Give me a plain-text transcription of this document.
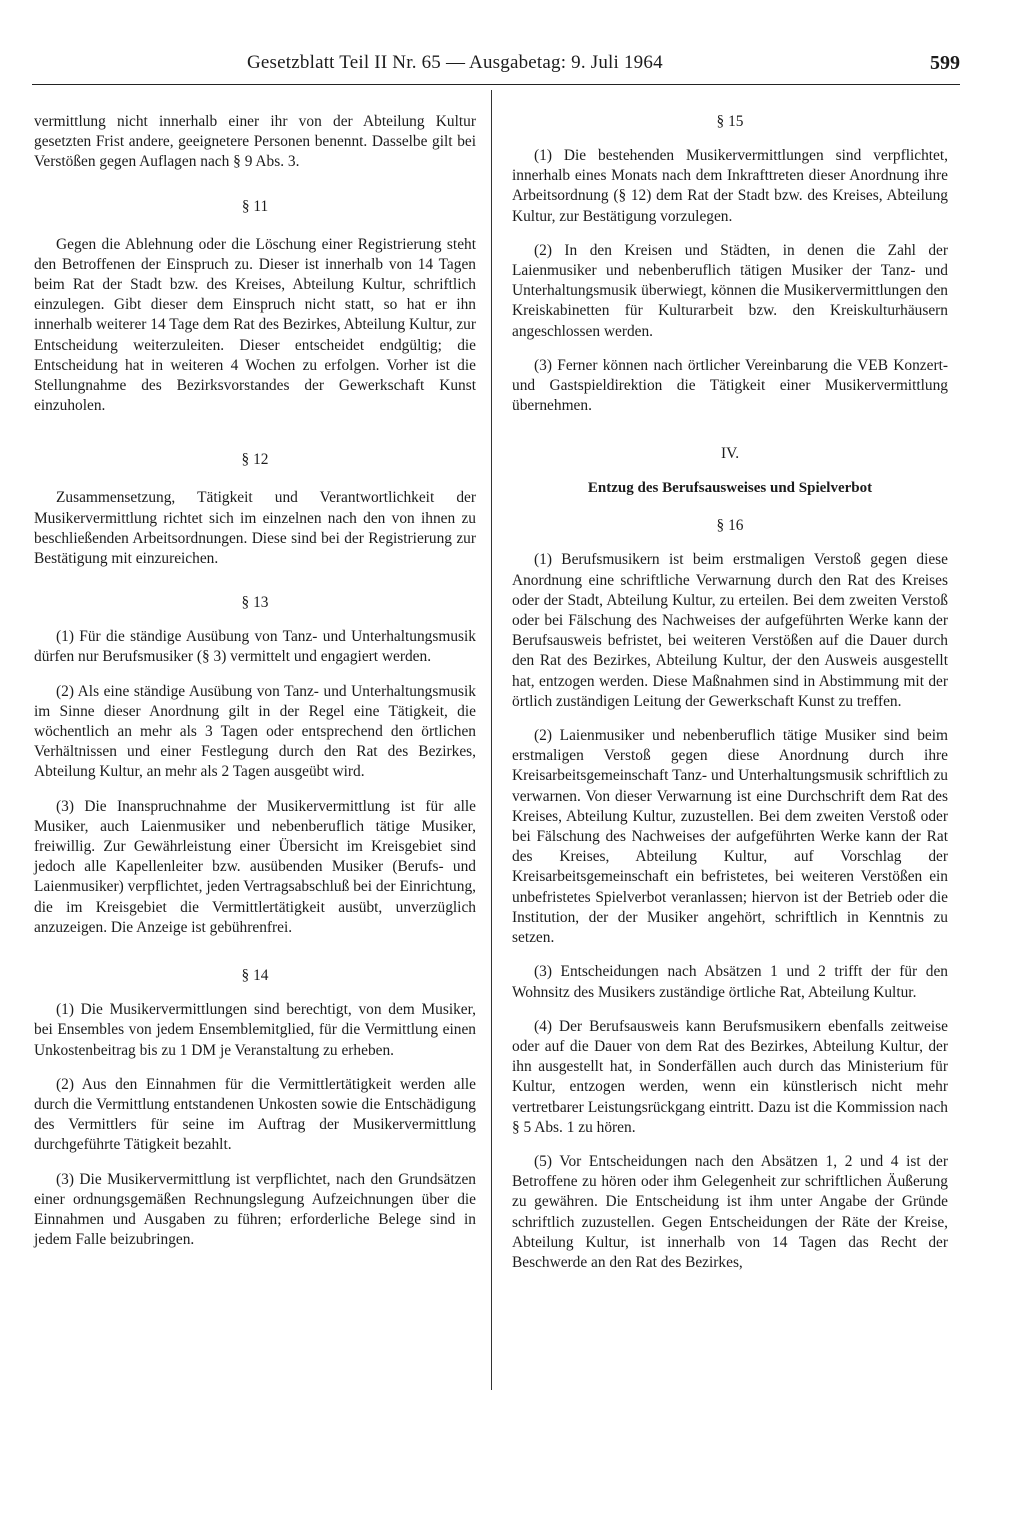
Gesetzblatt Teil II Nr. 65 — Ausgabetag: 9. Juli 1964	599

vermittlung nicht innerhalb einer ihr von der Abteilung Kultur gesetzten Frist andere, geeignetere Personen benennt. Dasselbe gilt bei Verstößen gegen Auflagen nach § 9 Abs. 3.

§ 11

Gegen die Ablehnung oder die Löschung einer Registrierung steht den Betroffenen der Einspruch zu. Dieser ist innerhalb von 14 Tagen beim Rat der Stadt bzw. des Kreises, Abteilung Kultur, schriftlich einzulegen. Gibt dieser dem Einspruch nicht statt, so hat er ihn innerhalb weiterer 14 Tage dem Rat des Bezirkes, Abteilung Kultur, zur Entscheidung weiterzuleiten. Dieser entscheidet endgültig; die Entscheidung hat in weiteren 4 Wochen zu erfolgen. Vorher ist die Stellungnahme des Bezirksvorstandes der Gewerkschaft Kunst einzuholen.

§ 12

Zusammensetzung, Tätigkeit und Verantwortlichkeit der Musikervermittlung richtet sich im einzelnen nach den von ihnen zu beschließenden Arbeitsordnungen. Diese sind bei der Registrierung zur Bestätigung mit einzureichen.

§ 13

(1) Für die ständige Ausübung von Tanz- und Unterhaltungsmusik dürfen nur Berufsmusiker (§ 3) vermittelt und engagiert werden.

(2) Als eine ständige Ausübung von Tanz- und Unterhaltungsmusik im Sinne dieser Anordnung gilt in der Regel eine Tätigkeit, die wöchentlich an mehr als 3 Tagen oder entsprechend den örtlichen Verhältnissen und einer Festlegung durch den Rat des Bezirkes, Abteilung Kultur, an mehr als 2 Tagen ausgeübt wird.

(3) Die Inanspruchnahme der Musikervermittlung ist für alle Musiker, auch Laienmusiker und nebenberuflich tätige Musiker, freiwillig. Zur Gewährleistung einer Übersicht im Kreisgebiet sind jedoch alle Kapellenleiter bzw. ausübenden Musiker (Berufs- und Laienmusiker) verpflichtet, jeden Vertragsabschluß bei der Einrichtung, die im Kreisgebiet die Vermittlertätigkeit ausübt, unverzüglich anzuzeigen. Die Anzeige ist gebührenfrei.

§ 14

(1) Die Musikervermittlungen sind berechtigt, von dem Musiker, bei Ensembles von jedem Ensemblemitglied, für die Vermittlung einen Unkostenbeitrag bis zu 1 DM je Veranstaltung zu erheben.

(2) Aus den Einnahmen für die Vermittlertätigkeit werden alle durch die Vermittlung entstandenen Unkosten sowie die Entschädigung des Vermittlers für seine im Auftrag der Musikervermittlung durchgeführte Tätigkeit bezahlt.

(3) Die Musikervermittlung ist verpflichtet, nach den Grundsätzen einer ordnungsgemäßen Rechnungslegung Aufzeichnungen über die Einnahmen und Ausgaben zu führen; erforderliche Belege sind in jedem Falle beizubringen.

§ 15

(1) Die bestehenden Musikervermittlungen sind verpflichtet, innerhalb eines Monats nach dem Inkrafttreten dieser Anordnung ihre Arbeitsordnung (§ 12) dem Rat der Stadt bzw. des Kreises, Abteilung Kultur, zur Bestätigung vorzulegen.

(2) In den Kreisen und Städten, in denen die Zahl der Laienmusiker und nebenberuflich tätigen Musiker der Tanz- und Unterhaltungsmusik überwiegt, können die Musikervermittlungen den Kreiskabinetten für Kulturarbeit bzw. den Kreiskulturhäusern angeschlossen werden.

(3) Ferner können nach örtlicher Vereinbarung die VEB Konzert- und Gastspieldirektion die Tätigkeit einer Musikervermittlung übernehmen.

IV.

Entzug des Berufsausweises und Spielverbot

§ 16

(1) Berufsmusikern ist beim erstmaligen Verstoß gegen diese Anordnung eine schriftliche Verwarnung durch den Rat des Kreises oder der Stadt, Abteilung Kultur, zu erteilen. Bei dem zweiten Verstoß oder bei Fälschung des Nachweises der aufgeführten Werke kann der Berufsausweis befristet, bei weiteren Verstößen auf die Dauer durch den Rat des Bezirkes, Abteilung Kultur, der den Ausweis ausgestellt hat, entzogen werden. Diese Maßnahmen sind in Abstimmung mit der örtlich zuständigen Leitung der Gewerkschaft Kunst zu treffen.

(2) Laienmusiker und nebenberuflich tätige Musiker sind beim erstmaligen Verstoß gegen diese Anordnung durch ihre Kreisarbeitsgemeinschaft Tanz- und Unterhaltungsmusik schriftlich zu verwarnen. Von dieser Verwarnung ist eine Durchschrift dem Rat des Kreises, Abteilung Kultur, zuzustellen. Bei dem zweiten Verstoß oder bei Fälschung des Nachweises der aufgeführten Werke kann der Rat des Kreises, Abteilung Kultur, auf Vorschlag der Kreisarbeitsgemeinschaft ein befristetes, bei weiteren Verstößen ein unbefristetes Spielverbot veranlassen; hiervon ist der Betrieb oder die Institution, der der Musiker angehört, schriftlich in Kenntnis zu setzen.

(3) Entscheidungen nach Absätzen 1 und 2 trifft der für den Wohnsitz des Musikers zuständige örtliche Rat, Abteilung Kultur.

(4) Der Berufsausweis kann Berufsmusikern ebenfalls zeitweise oder auf die Dauer von dem Rat des Bezirkes, Abteilung Kultur, der ihn ausgestellt hat, in Sonderfällen auch durch das Ministerium für Kultur, entzogen werden, wenn ein künstlerisch nicht mehr vertretbarer Leistungsrückgang eintritt. Dazu ist die Kommission nach § 5 Abs. 1 zu hören.

(5) Vor Entscheidungen nach den Absätzen 1, 2 und 4 ist der Betroffene zu hören oder ihm Gelegenheit zur schriftlichen Äußerung zu gewähren. Die Entscheidung ist ihm unter Angabe der Gründe schriftlich zuzustellen. Gegen Entscheidungen der Räte der Kreise, Abteilung Kultur, ist innerhalb von 14 Tagen das Recht der Beschwerde an den Rat des Bezirkes,
